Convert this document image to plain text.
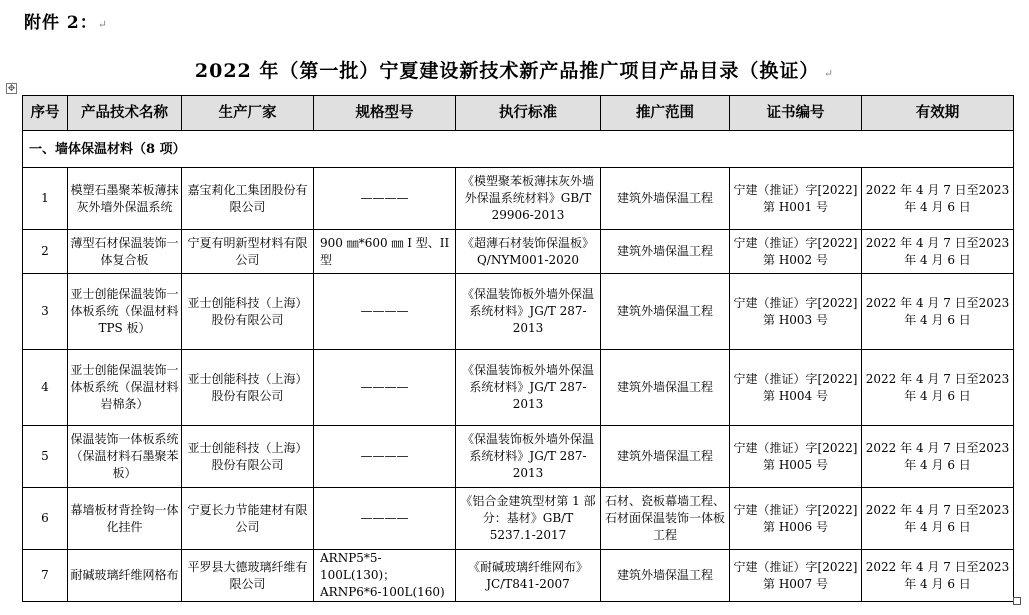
附件 2：↵
2022 年（第一批）宁夏建设新技术新产品推广项目产品目录（换证） ↵
✥
序号	产品技术名称	生产厂家	规格型号	执行标准	推广范围	证书编号	有效期
一、墙体保温材料（8 项）							
1	模塑石墨聚苯板薄抹灰外墙外保温系统	嘉宝莉化工集团股份有限公司	————	《模塑聚苯板薄抹灰外墙外保温系统材料》GB/T 29906-2013	建筑外墙保温工程	宁建（推证）字[2022]第 H001 号	2022 年 4 月 7 日至2023 年 4 月 6 日
2	薄型石材保温装饰一体复合板	宁夏有明新型材料有限公司	900 ㎜*600 ㎜ I 型、II 型	《超薄石材装饰保温板》Q/NYM001-2020	建筑外墙保温工程	宁建（推证）字[2022]第 H002 号	2022 年 4 月 7 日至2023 年 4 月 6 日
3	亚士创能保温装饰一体板系统（保温材料 TPS 板）	亚士创能科技（上海）股份有限公司	————	《保温装饰板外墙外保温系统材料》JG/T 287-2013	建筑外墙保温工程	宁建（推证）字[2022]第 H003 号	2022 年 4 月 7 日至2023 年 4 月 6 日
4	亚士创能保温装饰一体板系统（保温材料岩棉条）	亚士创能科技（上海）股份有限公司	————	《保温装饰板外墙外保温系统材料》JG/T 287-2013	建筑外墙保温工程	宁建（推证）字[2022]第 H004 号	2022 年 4 月 7 日至2023 年 4 月 6 日
5	保温装饰一体板系统（保温材料石墨聚苯板）	亚士创能科技（上海）股份有限公司	————	《保温装饰板外墙外保温系统材料》JG/T 287-2013	建筑外墙保温工程	宁建（推证）字[2022]第 H005 号	2022 年 4 月 7 日至2023 年 4 月 6 日
6	幕墙板材背拴钩一体化挂件	宁夏长力节能建材有限公司	————	《铝合金建筑型材第 1 部分：基材》GB/T 5237.1-2017	石材、瓷板幕墙工程、石材面保温装饰一体板工程	宁建（推证）字[2022]第 H006 号	2022 年 4 月 7 日至2023 年 4 月 6 日
7	耐碱玻璃纤维网格布	平罗县大德玻璃纤维有限公司	ARNP5*5-100L(130)；ARNP6*6-100L(160)	《耐碱玻璃纤维网布》JC/T841-2007	建筑外墙保温工程	宁建（推证）字[2022]第 H007 号	2022 年 4 月 7 日至2023 年 4 月 6 日
